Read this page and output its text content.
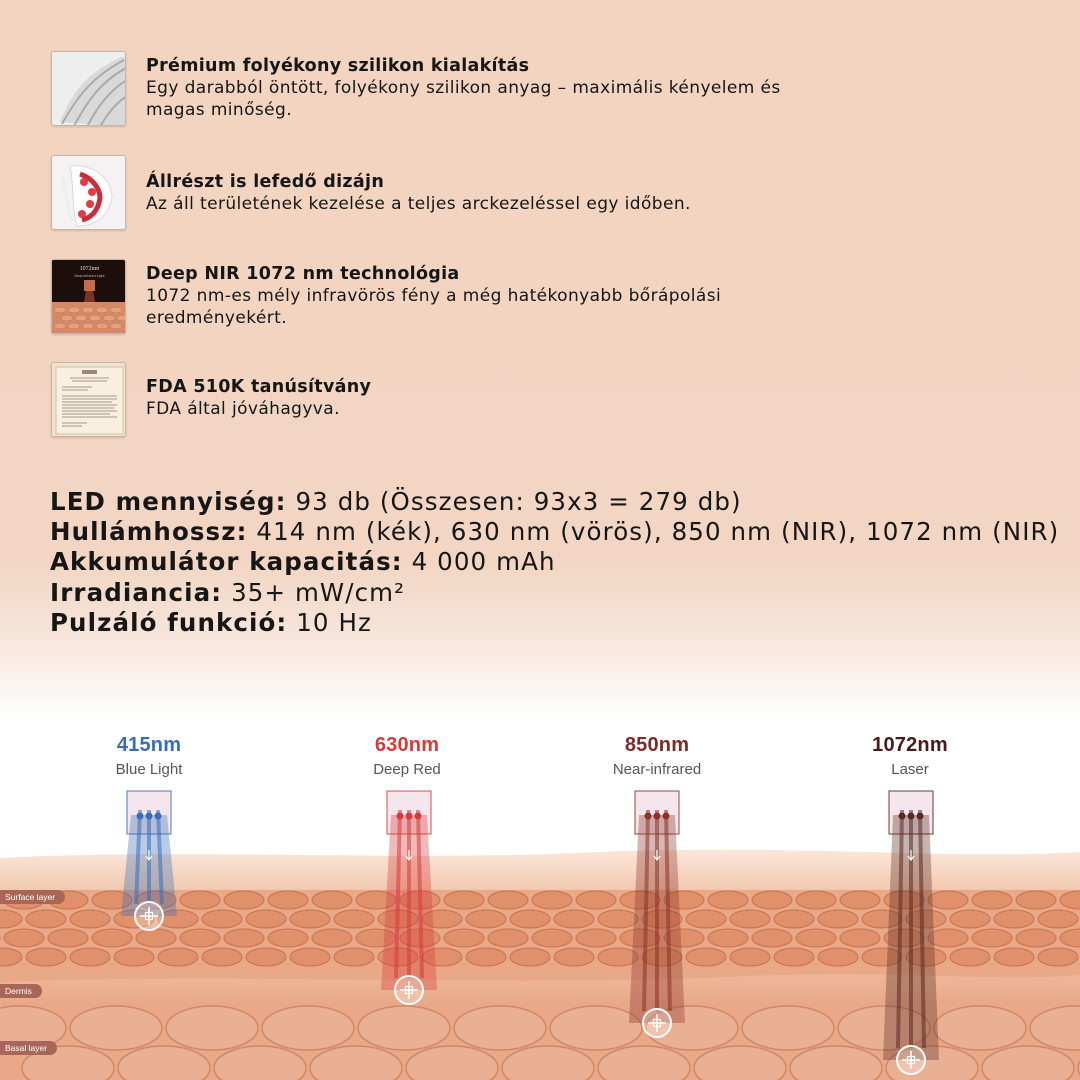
Prémium folyékony szilikon kialakítás
Egy darabból öntött, folyékony szilikon anyag – maximális kényelem és magas minőség.
Állrészt is lefedő dizájn
Az áll területének kezelése a teljes arckezeléssel egy időben.
1072nm
Near-infrared Light Deep NIR 1072 nm technológia
1072 nm-es mély infravörös fény a még hatékonyabb bőrápolási eredményekért.
FDA 510K tanúsítvány
FDA által jóváhagyva.
LED mennyiség: 93 db (Összesen: 93x3 = 279 db)
Hullámhossz: 414 nm (kék), 630 nm (vörös), 850 nm (NIR), 1072 nm (NIR)
Akkumulátor kapacitás: 4 000 mAh
Irradiancia: 35+ mW/cm²
Pulzáló funkció: 10 Hz
415nm
Blue Light
630nm
Deep Red
850nm
Near-infrared
1072nm
Laser
Surface layer
Dermis
Basal layer
